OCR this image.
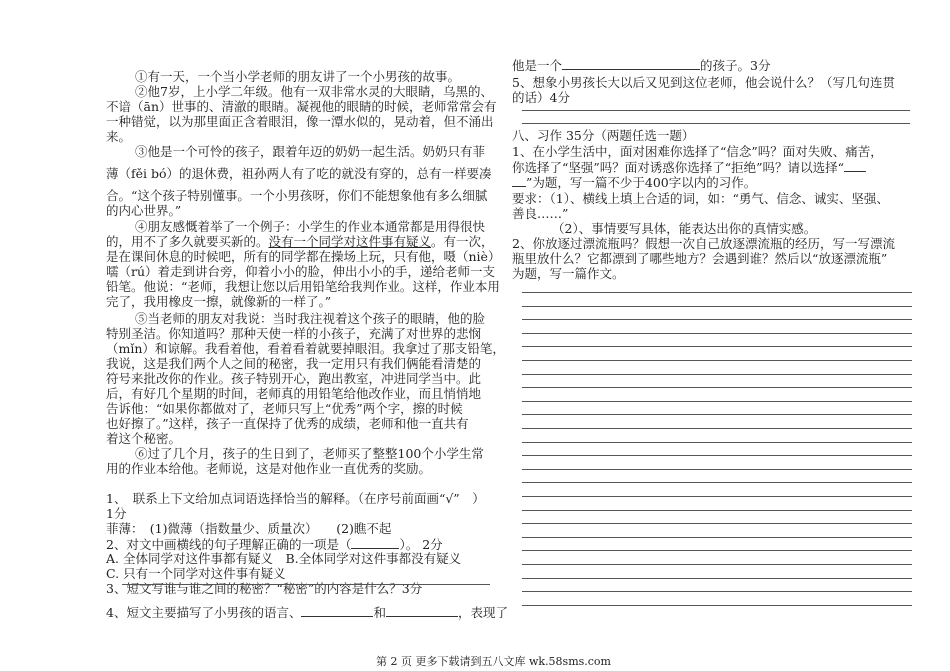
①有一天，一个当小学老师的朋友讲了一个小男孩的故事。
②他7岁，上小学二年级。他有一双非常水灵的大眼睛，乌黑的、
不谙（ān）世事的、清澈的眼睛。凝视他的眼睛的时候，老师常常会有
一种错觉，以为那里面正含着眼泪，像一潭水似的，晃动着，但不涌出
来。
③他是一个可怜的孩子，跟着年迈的奶奶一起生活。奶奶只有菲
薄（fěi bó）的退休费，祖孙两人有了吃的就没有穿的，总有一样要凑
合。“这个孩子特别懂事。一个小男孩呀，你们不能想象他有多么细腻
的内心世界。”
④朋友感慨着举了一个例子：小学生的作业本通常都是用得很快
的，用不了多久就要买新的。没有一个同学对这件事有疑义。有一次，
是在课间休息的时候吧，所有的同学都在操场上玩，只有他，嗫（niè）
嚅（rú）着走到讲台旁，仰着小小的脸，伸出小小的手，递给老师一支
铅笔。他说：“老师，我想让您以后用铅笔给我判作业。这样，作业本用
完了，我用橡皮一擦，就像新的一样了。”
⑤当老师的朋友对我说：当时我注视着这个孩子的眼睛，他的脸
特别圣洁。你知道吗？那种天使一样的小孩子，充满了对世界的悲悯
（mǐn）和谅解。我看着他，看着看着就要掉眼泪。我拿过了那支铅笔，
我说，这是我们两个人之间的秘密，我一定用只有我们俩能看清楚的
符号来批改你的作业。孩子特别开心，跑出教室，冲进同学当中。此
后，有好几个星期的时间，老师真的用铅笔给他改作业，而且悄悄地
告诉他：“如果你都做对了，老师只写上“优秀”两个字，擦的时候
也好擦了。”这样，孩子一直保持了优秀的成绩，老师和他一直共有
着这个秘密。
⑥过了几个月，孩子的生日到了，老师买了整整100个小学生常
用的作业本给他。老师说，这是对他作业一直优秀的奖励。
1、　联系上下文给加点词语选择恰当的解释。（在序号前面画“√”　）
1分
菲薄：　(1)微薄（指数量少、质量次）　　(2)瞧不起
2、对文中画横线的句子理解正确的一项是（	）。 2分
A. 全体同学对这件事都有疑义　B.全体同学对这件事都没有疑义
C. 只有一个同学对这件事有疑义
3、短文写谁与谁之间的秘密？“秘密”的内容是什么？3分
4、短文主要描写了小男孩的语言、	和	，表现了
他是一个	的孩子。3分
5、想象小男孩长大以后又见到这位老师，他会说什么？（写几句连贯
的话）4分
八、习作 35分（两题任选一题）
1、在小学生活中，面对困难你选择了“信念”吗？面对失败、痛苦，
你选择了“坚强”吗？面对诱惑你选择了“拒绝”吗？请以选择“
”为题，写一篇不少于400字以内的习作。
要求：（1）、横线上填上合适的词，如：“勇气、信念、诚实、坚强、
善良……”
（2）、事情要写具体，能表达出你的真情实感。
2、你放逐过漂流瓶吗？假想一次自己放逐漂流瓶的经历，写一写漂流
瓶里放什么？它都漂到了哪些地方？会遇到谁？然后以“放逐漂流瓶”
为题，写一篇作文。
第 2 页 更多下载请到五八文库 wk.58sms.com
